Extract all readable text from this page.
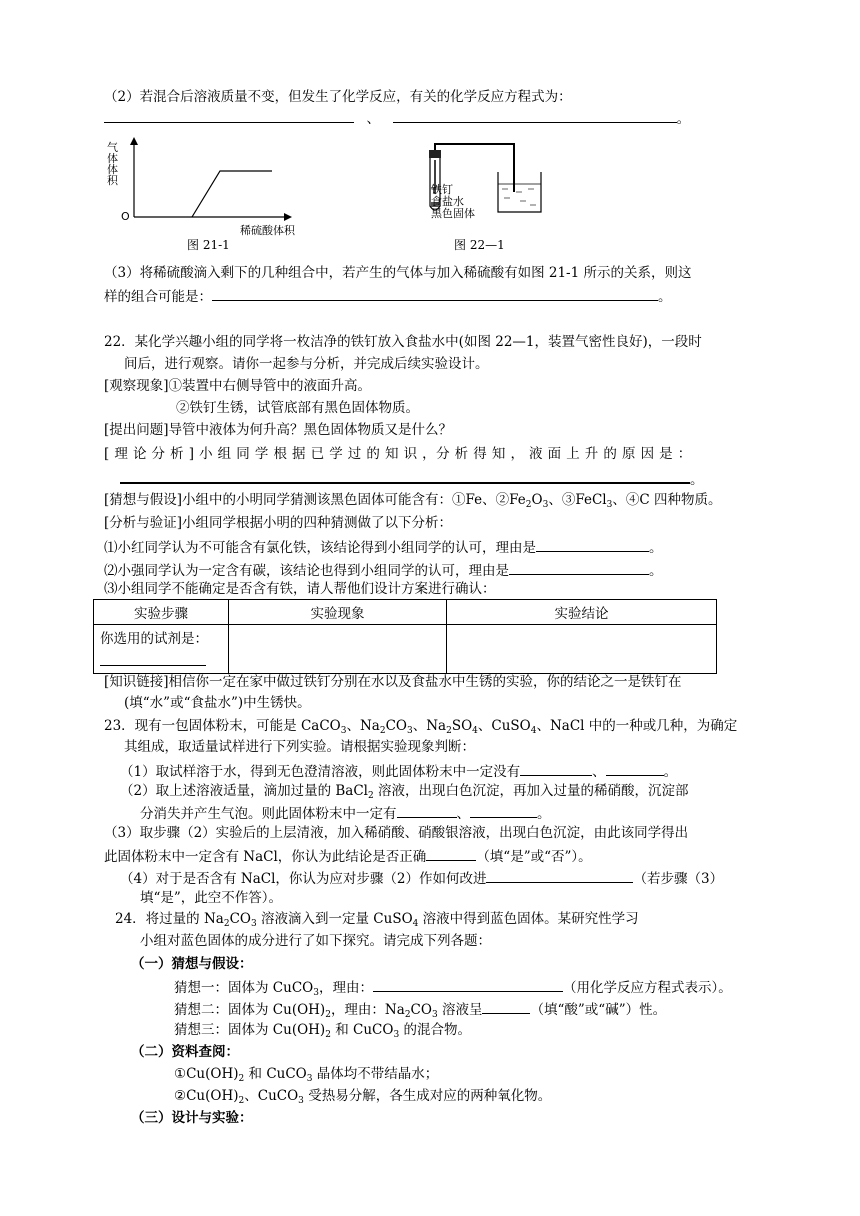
（2）若混合后溶液质量不变，但发生了化学反应，有关的化学反应方程式为：
、	。
气体体积
O
稀硫酸体积
图 21-1
铁钉
食盐水
黑色固体
图 22—1
（3）将稀硫酸滴入剩下的几种组合中，若产生的气体与加入稀硫酸有如图 21-1 所示的关系，则这
样的组合可能是：	。
22．某化学兴趣小组的同学将一枚洁净的铁钉放入食盐水中(如图 22—1，装置气密性良好)，一段时
间后，进行观察。请你一起参与分析，并完成后续实验设计。
[观察现象]①装置中右侧导管中的液面升高。
②铁钉生锈，试管底部有黑色固体物质。
[提出问题]导管中液体为何升高？黑色固体物质又是什么？
[ 理 论 分 析 ] 小 组 同 学 根 据 已 学 过 的 知 识 ，分 析 得 知 ， 液 面 上 升 的 原 因 是 ：
。
[猜想与假设]小组中的小明同学猜测该黑色固体可能含有：①Fe、$②Fe_2O_3$、③FeCl$_3$、④C 四种物质。
[分析与验证]小组同学根据小明的四种猜测做了以下分析：
⑴小红同学认为不可能含有氯化铁，该结论得到小组同学的认可，理由是	。
⑵小强同学认为一定含有碳，该结论也得到小组同学的认可，理由是	。
⑶小组同学不能确定是否含有铁，请人帮他们设计方案进行确认：
实验步骤	实验现象	实验结论

你选用的试剂是：		

[知识链接]相信你一定在家中做过铁钉分别在水以及食盐水中生锈的实验，你的结论之一是铁钉在
(填“水”或“食盐水”)中生锈快。
23．现有一包固体粉末，可能是 CaCO$_3$、$Na_2CO_3$、$Na_2SO_4$、CuSO$_4$、NaCl 中的一种或几种，为确定
其组成，取适量试样进行下列实验。请根据实验现象判断：
（1）取试样溶于水，得到无色澄清溶液，则此固体粉末中一定没有	、	。
（2）取上述溶液适量，滴加过量的 BaCl$_2$ 溶液，出现白色沉淀，再加入过量的稀硝酸，沉淀部
分消失并产生气泡。则此固体粉末中一定有	、	。
（3）取步骤（2）实验后的上层清液，加入稀硝酸、硝酸银溶液，出现白色沉淀，由此该同学得出
此固体粉末中一定含有 NaCl，你认为此结论是否正确	（填“是”或“否”）。
（4）对于是否含有 NaCl，你认为应对步骤（2）作如何改进	（若步骤（3）
填“是”，此空不作答）。
24．将过量的 $Na_2CO_3$ 溶液滴入到一定量 CuSO$_4$ 溶液中得到蓝色固体。某研究性学习
小组对蓝色固体的成分进行了如下探究。请完成下列各题：
（一）猜想与假设：
猜想一：固体为 CuCO$_3$，理由：	（用化学反应方程式表示）。
猜想二：固体为 $Cu(OH)_2$，理由：$Na_2CO_3$ 溶液呈	（填“酸”或“碱”）性。
猜想三：固体为 $Cu(OH)_2$ 和 CuCO$_3$ 的混合物。
（二）资料查阅：
$①Cu(OH)_2$ 和 CuCO$_3$ 晶体均不带结晶水；
$②Cu(OH)_2$、CuCO$_3$ 受热易分解，各生成对应的两种氧化物。
（三）设计与实验：
